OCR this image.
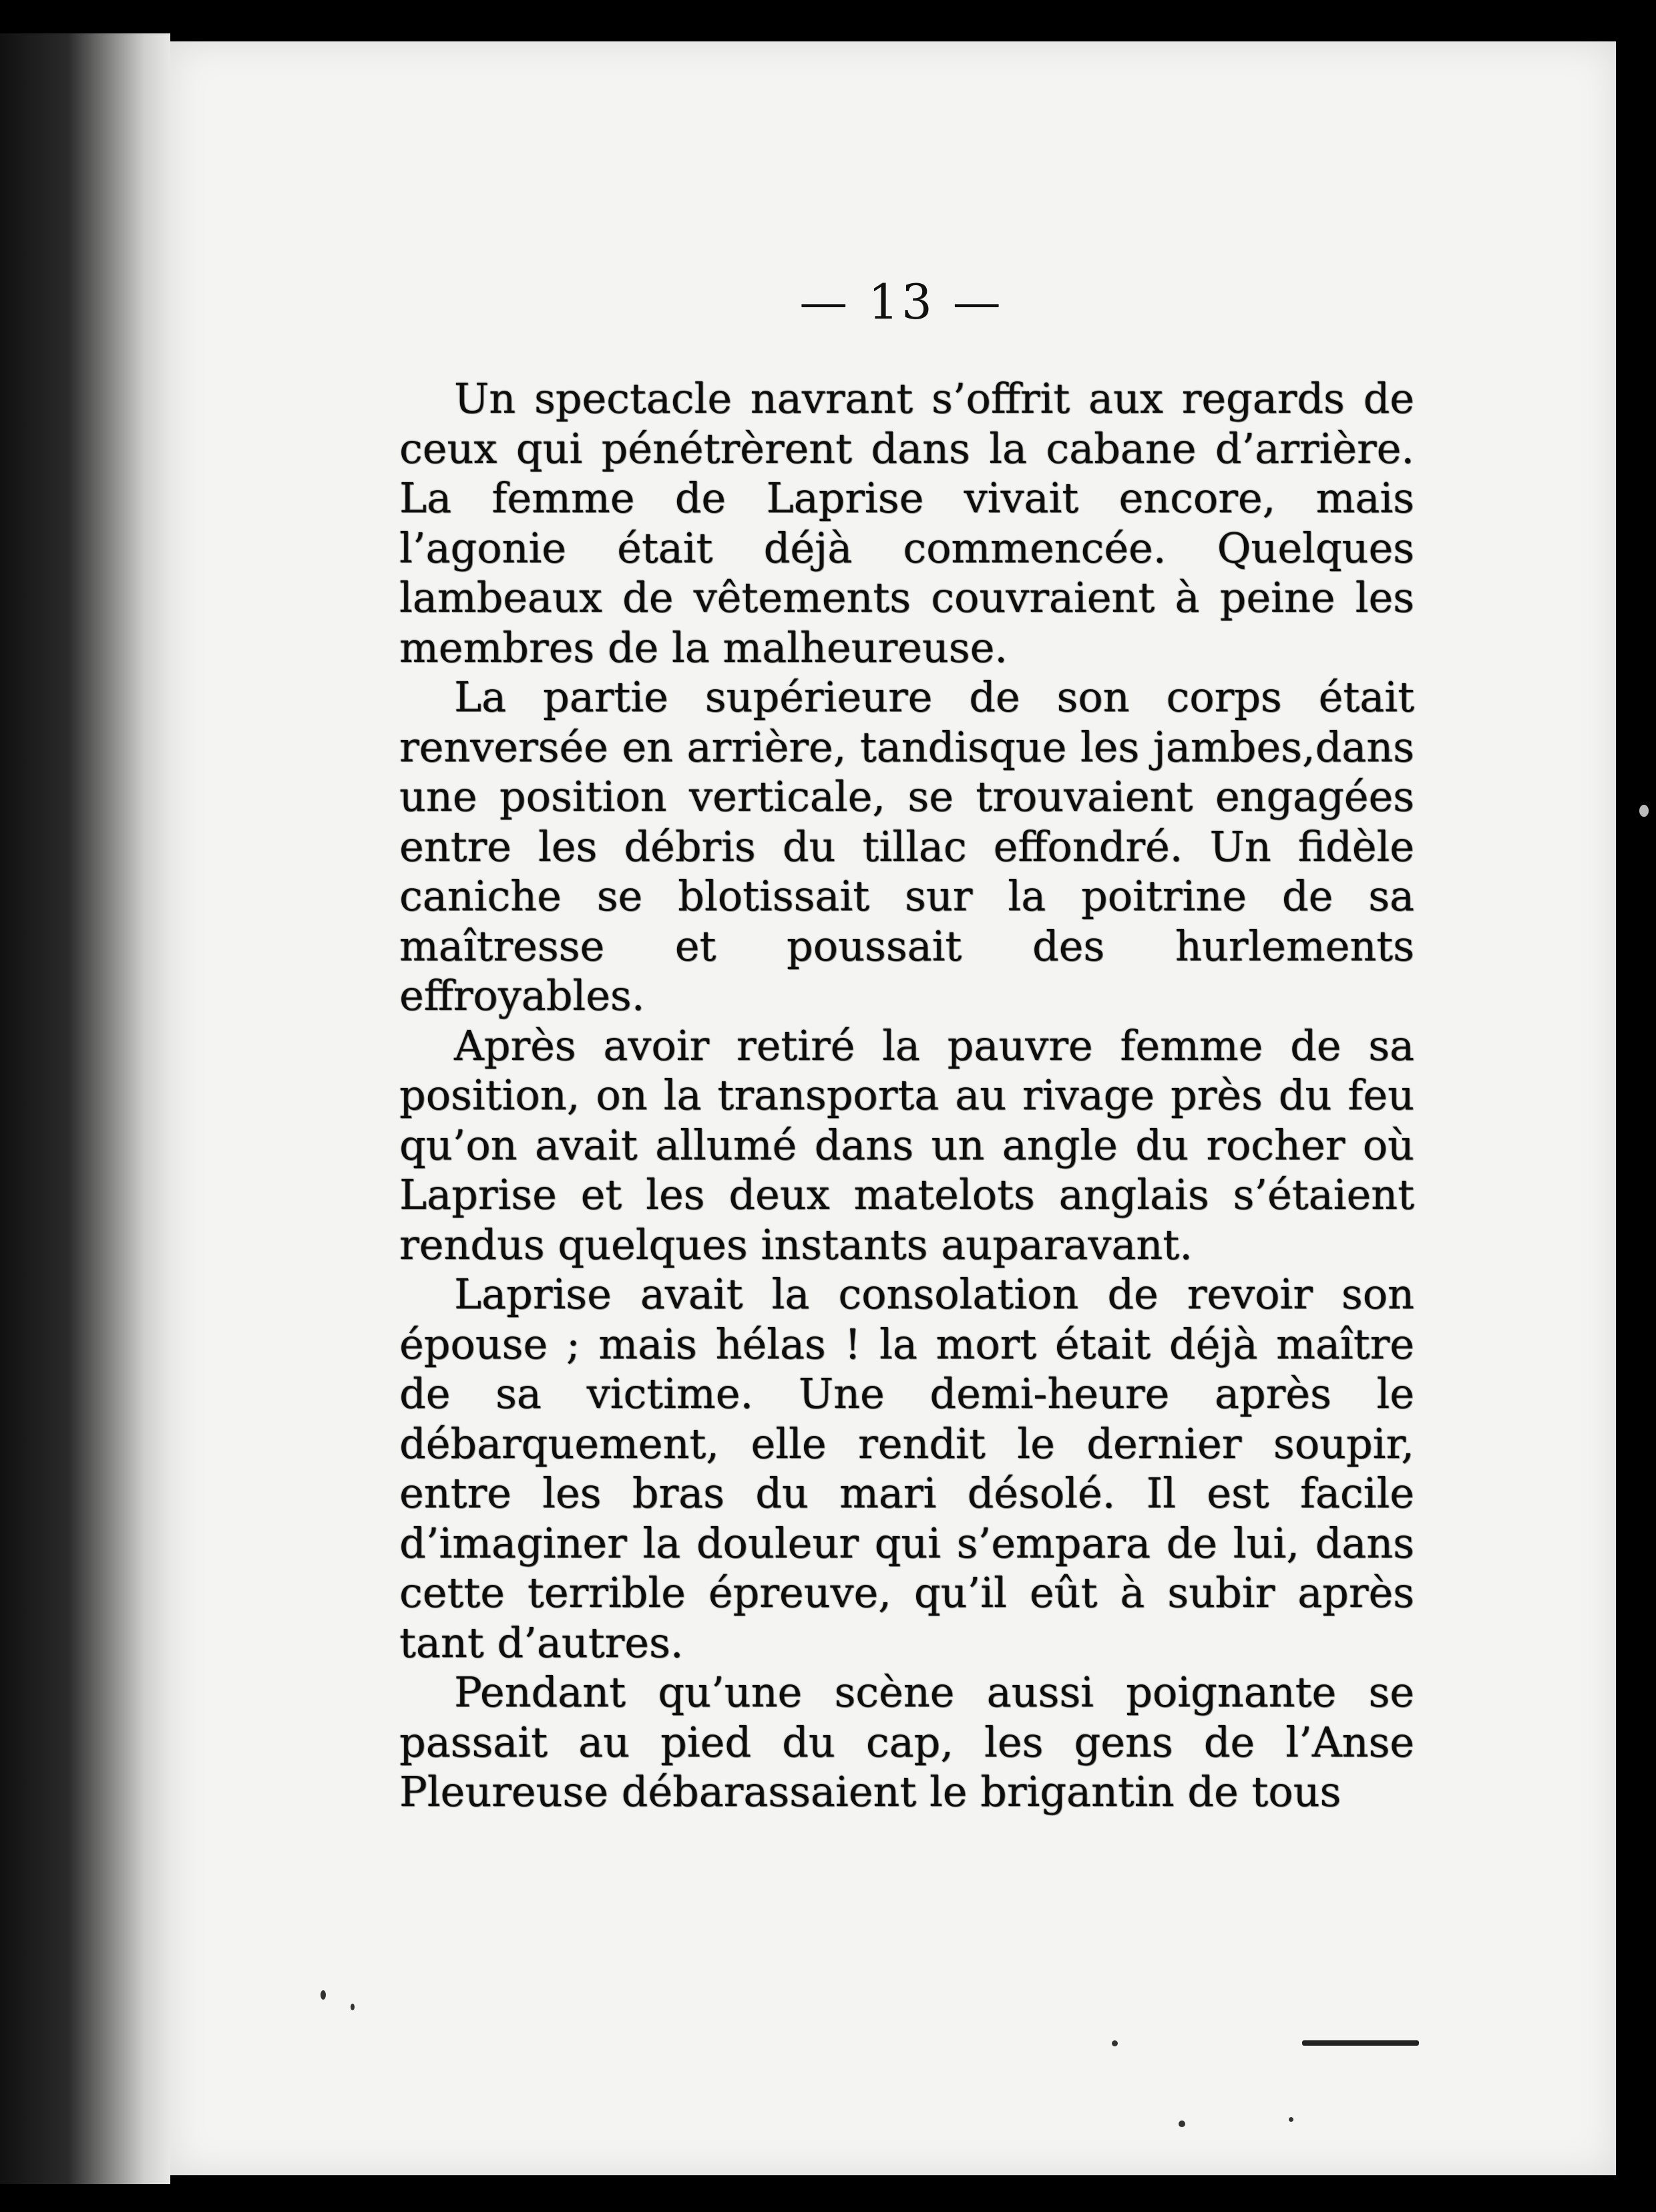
— 13 —

Un spectacle navrant s’offrit aux regards de ceux qui pénétrèrent dans la cabane d’arrière. La femme de Laprise vivait encore, mais l’agonie était déjà commencée. Quelques lambeaux de vêtements couvraient à peine les membres de la malheureuse.

La partie supérieure de son corps était renversée en arrière, tandisque les jambes,dans une position verticale, se trouvaient engagées entre les débris du tillac effondré. Un fidèle caniche se blotissait sur la poitrine de sa maîtresse et poussait des hurlements effroyables.

Après avoir retiré la pauvre femme de sa position, on la transporta au rivage près du feu qu’on avait allumé dans un angle du rocher où Laprise et les deux matelots anglais s’étaient rendus quelques instants auparavant.

Laprise avait la consolation de revoir son épouse ; mais hélas ! la mort était déjà maître de sa victime. Une demi-heure après le débarquement, elle rendit le dernier soupir, entre les bras du mari désolé. Il est facile d’imaginer la douleur qui s’empara de lui, dans cette terrible épreuve, qu’il eût à subir après tant d’autres.

Pendant qu’une scène aussi poignante se passait au pied du cap, les gens de l’Anse Pleureuse débarassaient le brigantin de tous
